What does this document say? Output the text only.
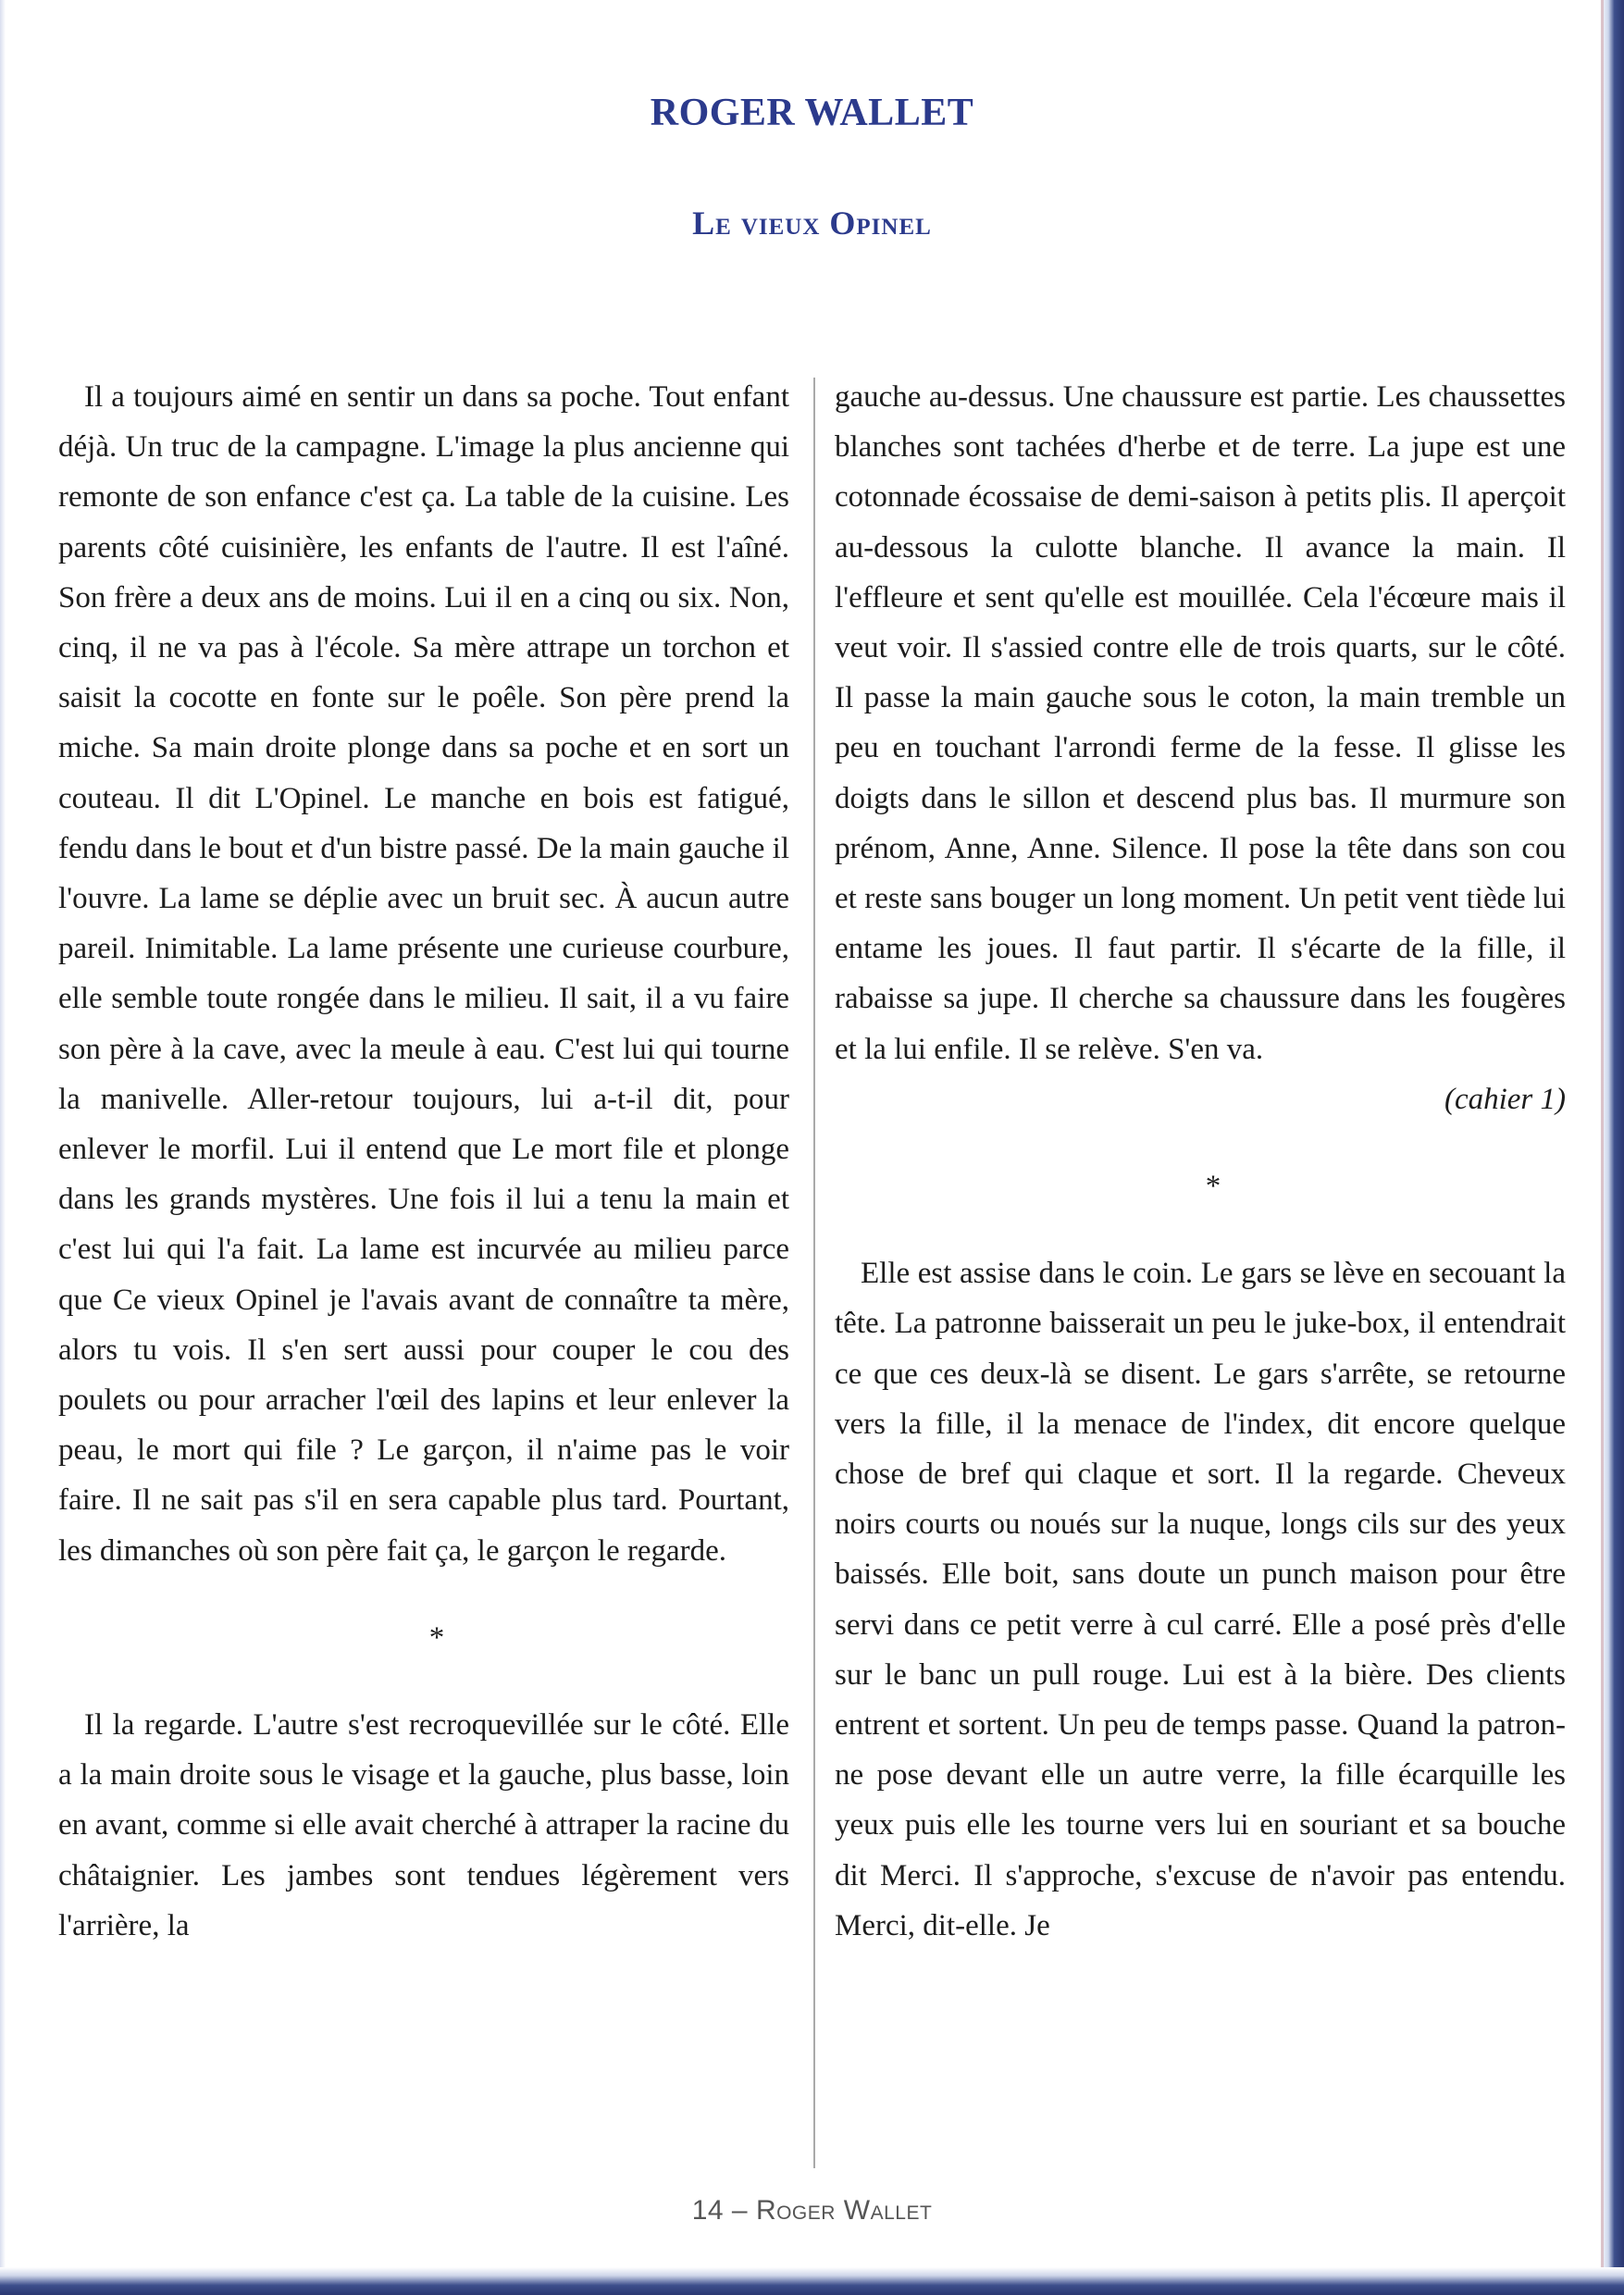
ROGER WALLET
Le vieux Opinel

Il a toujours aimé en sentir un dans sa poche. Tout enfant déjà. Un truc de la campagne. L'image la plus ancienne qui remonte de son enfance c'est ça. La table de la cuisine. Les parents côté cuisinière, les enfants de l'autre. Il est l'aîné. Son frère a deux ans de moins. Lui il en a cinq ou six. Non, cinq, il ne va pas à l'école. Sa mère attrape un torchon et saisit la cocotte en fonte sur le poêle. Son père prend la miche. Sa main droite plonge dans sa poche et en sort un couteau. Il dit L'Opinel. Le manche en bois est fatigué, fendu dans le bout et d'un bistre passé. De la main gauche il l'ouvre. La lame se déplie avec un bruit sec. À aucun autre pareil. Inimitable. La lame présente une curieuse courbure, elle semble toute rongée dans le milieu. Il sait, il a vu faire son père à la cave, avec la meule à eau. C'est lui qui tourne la manivelle. Aller-retour toujours, lui a-t-il dit, pour enlever le morfil. Lui il entend que Le mort file et plonge dans les grands mystères. Une fois il lui a tenu la main et c'est lui qui l'a fait. La lame est incurvée au milieu parce que Ce vieux Opinel je l'avais avant de connaître ta mère, alors tu vois. Il s'en sert aussi pour couper le cou des poulets ou pour arracher l'œil des lapins et leur enlever la peau, le mort qui file ? Le garçon, il n'aime pas le voir faire. Il ne sait pas s'il en sera capable plus tard. Pourtant, les dimanches où son père fait ça, le garçon le regarde.

*

Il la regarde. L'autre s'est recroquevillée sur le côté. Elle a la main droite sous le visage et la gauche, plus basse, loin en avant, comme si elle avait cherché à attraper la racine du châtaignier. Les jambes sont tendues légèrement vers l'arrière, la

gauche au-dessus. Une chaussure est partie. Les chaussettes blanches sont tachées d'herbe et de terre. La jupe est une cotonnade écossaise de demi-saison à petits plis. Il aperçoit au-dessous la culotte blanche. Il avance la main. Il l'effleure et sent qu'elle est mouillée. Cela l'écœure mais il veut voir. Il s'assied contre elle de trois quarts, sur le côté. Il passe la main gauche sous le coton, la main tremble un peu en touchant l'arrondi ferme de la fesse. Il glisse les doigts dans le sillon et descend plus bas. Il murmure son prénom, Anne, Anne. Silence. Il pose la tête dans son cou et reste sans bouger un long moment. Un petit vent tiède lui entame les joues. Il faut partir. Il s'écarte de la fille, il rabaisse sa jupe. Il cherche sa chaussure dans les fougères et la lui enfile. Il se relève. S'en va.

(cahier 1)

*

Elle est assise dans le coin. Le gars se lève en secouant la tête. La patronne baisserait un peu le juke-box, il entendrait ce que ces deux-là se disent. Le gars s'arrête, se retourne vers la fille, il la menace de l'index, dit encore quelque chose de bref qui claque et sort. Il la regarde. Cheveux noirs courts ou noués sur la nuque, longs cils sur des yeux baissés. Elle boit, sans doute un punch maison pour être servi dans ce petit verre à cul carré. Elle a posé près d'elle sur le banc un pull rouge. Lui est à la bière. Des clients entrent et sortent. Un peu de temps passe. Quand la patronne pose devant elle un autre verre, la fille écarquille les yeux puis elle les tourne vers lui en souriant et sa bouche dit Merci. Il s'approche, s'excuse de n'avoir pas entendu. Merci, dit-elle. Je

14 – Roger Wallet
